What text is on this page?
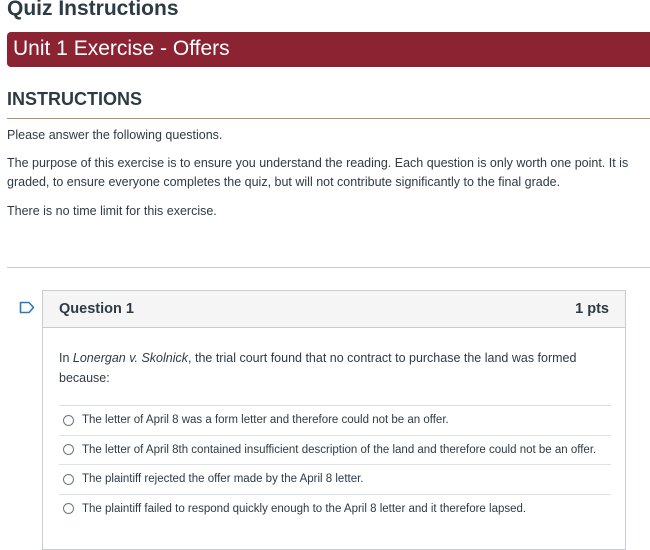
Quiz Instructions
Unit 1 Exercise - Offers
INSTRUCTIONS

Please answer the following questions.

The purpose of this exercise is to ensure you understand the reading. Each question is only worth one point. It is graded, to ensure everyone completes the quiz, but will not contribute significantly to the final grade.

There is no time limit for this exercise.

Question 1	1 pts

In Lonergan v. Skolnick, the trial court found that no contract to purchase the land was formed because:

The letter of April 8 was a form letter and therefore could not be an offer.
The letter of April 8th contained insufficient description of the land and therefore could not be an offer.
The plaintiff rejected the offer made by the April 8 letter.
The plaintiff failed to respond quickly enough to the April 8 letter and it therefore lapsed.
